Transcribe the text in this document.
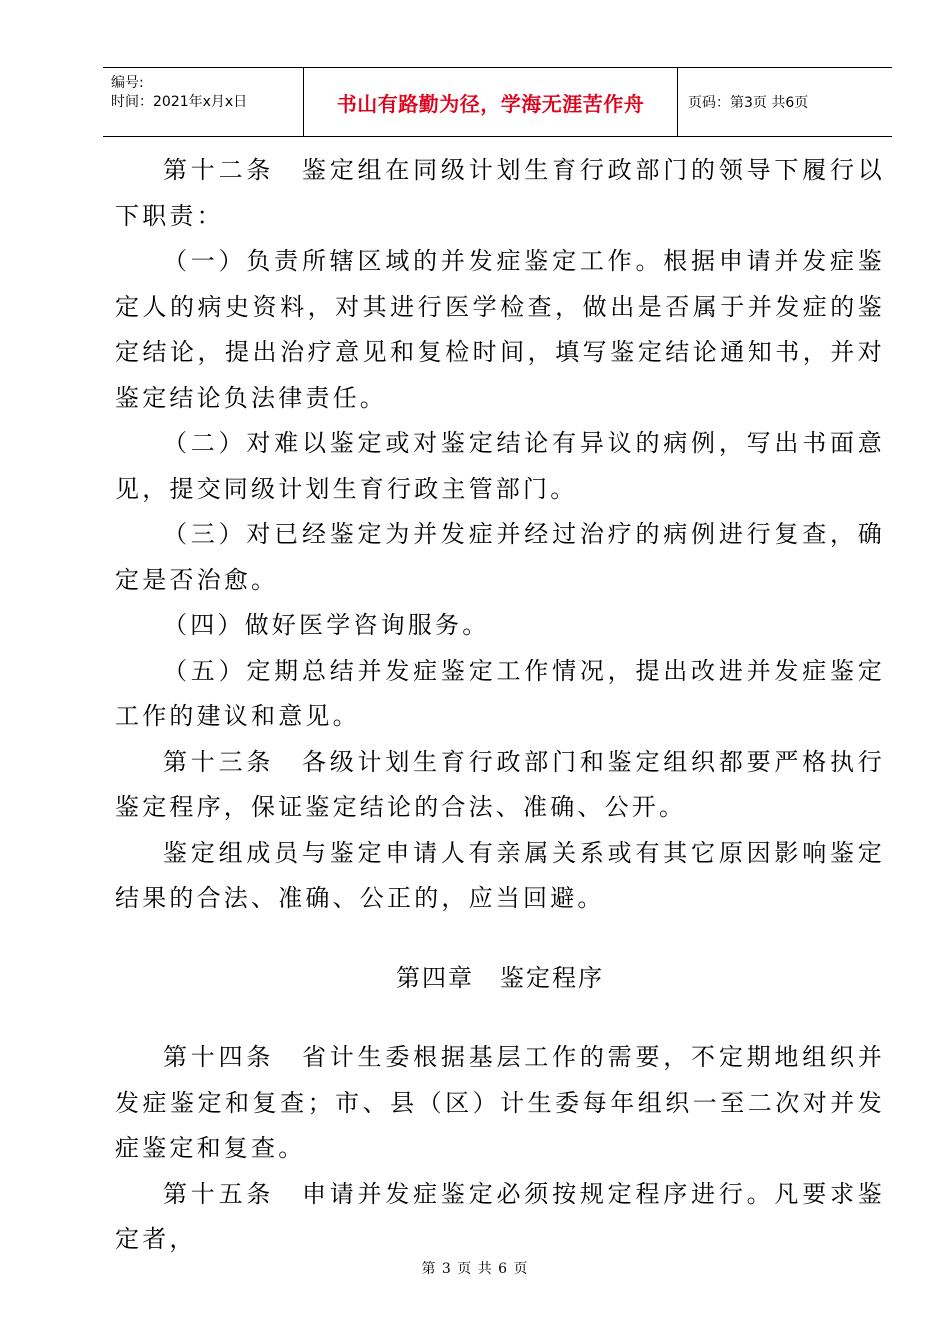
编号:
时间：2021年x月x日	书山有路勤为径，学海无涯苦作舟	页码：第3页 共6页

第十二条　鉴定组在同级计划生育行政部门的领导下履行以下职责：

（一）负责所辖区域的并发症鉴定工作。根据申请并发症鉴定人的病史资料，对其进行医学检查，做出是否属于并发症的鉴定结论，提出治疗意见和复检时间，填写鉴定结论通知书，并对鉴定结论负法律责任。

（二）对难以鉴定或对鉴定结论有异议的病例，写出书面意见，提交同级计划生育行政主管部门。

（三）对已经鉴定为并发症并经过治疗的病例进行复查，确定是否治愈。

（四）做好医学咨询服务。

（五）定期总结并发症鉴定工作情况，提出改进并发症鉴定工作的建议和意见。

第十三条　各级计划生育行政部门和鉴定组织都要严格执行鉴定程序，保证鉴定结论的合法、准确、公开。

鉴定组成员与鉴定申请人有亲属关系或有其它原因影响鉴定结果的合法、准确、公正的，应当回避。

第四章　鉴定程序

第十四条　省计生委根据基层工作的需要，不定期地组织并发症鉴定和复查；市、县（区）计生委每年组织一至二次对并发症鉴定和复查。

第十五条　申请并发症鉴定必须按规定程序进行。凡要求鉴定者，

第 3 页 共 6 页
